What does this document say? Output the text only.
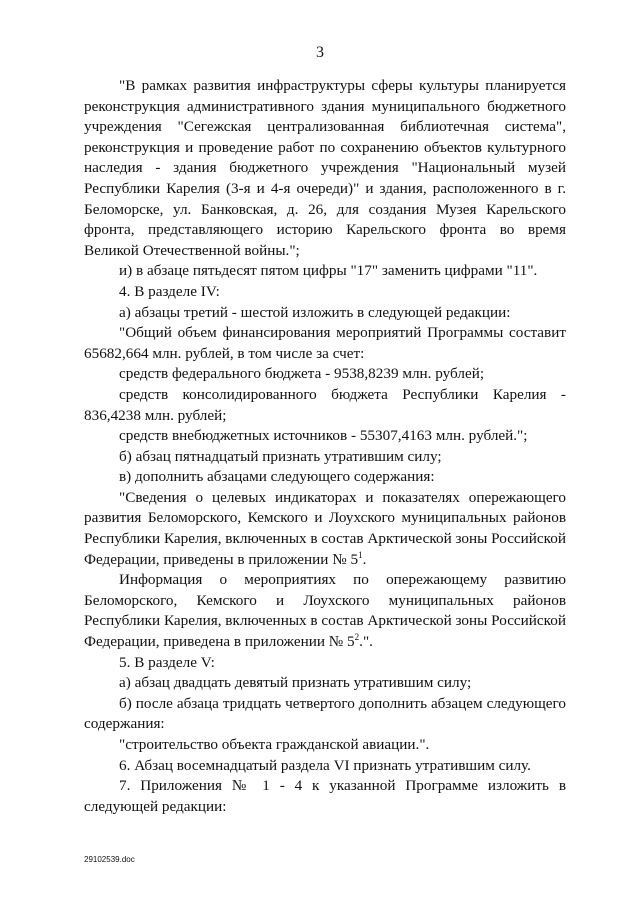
3

"В рамках развития инфраструктуры сферы культуры планируется реконструкция административного здания муниципального бюджетного учреждения "Сегежская централизованная библиотечная система", реконструкция и проведение работ по сохранению объектов культурного наследия - здания бюджетного учреждения "Национальный музей Республики Карелия (3-я и 4-я очереди)" и здания, расположенного в г. Беломорске, ул. Банковская, д. 26, для создания Музея Карельского фронта, представляющего историю Карельского фронта во время Великой Отечественной войны.";

и) в абзаце пятьдесят пятом цифры "17" заменить цифрами "11".

4. В разделе IV:

а) абзацы третий - шестой изложить в следующей редакции:

"Общий объем финансирования мероприятий Программы составит 65682,664 млн. рублей, в том числе за счет:

средств федерального бюджета - 9538,8239 млн. рублей;

средств консолидированного бюджета Республики Карелия - 836,4238 млн. рублей;

средств внебюджетных источников - 55307,4163 млн. рублей.";

б) абзац пятнадцатый признать утратившим силу;

в) дополнить абзацами следующего содержания:

"Сведения о целевых индикаторах и показателях опережающего развития Беломорского, Кемского и Лоухского муниципальных районов Республики Карелия, включенных в состав Арктической зоны Российской Федерации, приведены в приложении № $5^1$.

Информация о мероприятиях по опережающему развитию Беломорского, Кемского и Лоухского муниципальных районов Республики Карелия, включенных в состав Арктической зоны Российской Федерации, приведена в приложении № $5^2$.".

5. В разделе V:

а) абзац двадцать девятый признать утратившим силу;

б) после абзаца тридцать четвертого дополнить абзацем следующего содержания:

"строительство объекта гражданской авиации.".

6. Абзац восемнадцатый раздела VI признать утратившим силу.

7. Приложения № 1 - 4 к указанной Программе изложить в следующей редакции:

29102539.doc
